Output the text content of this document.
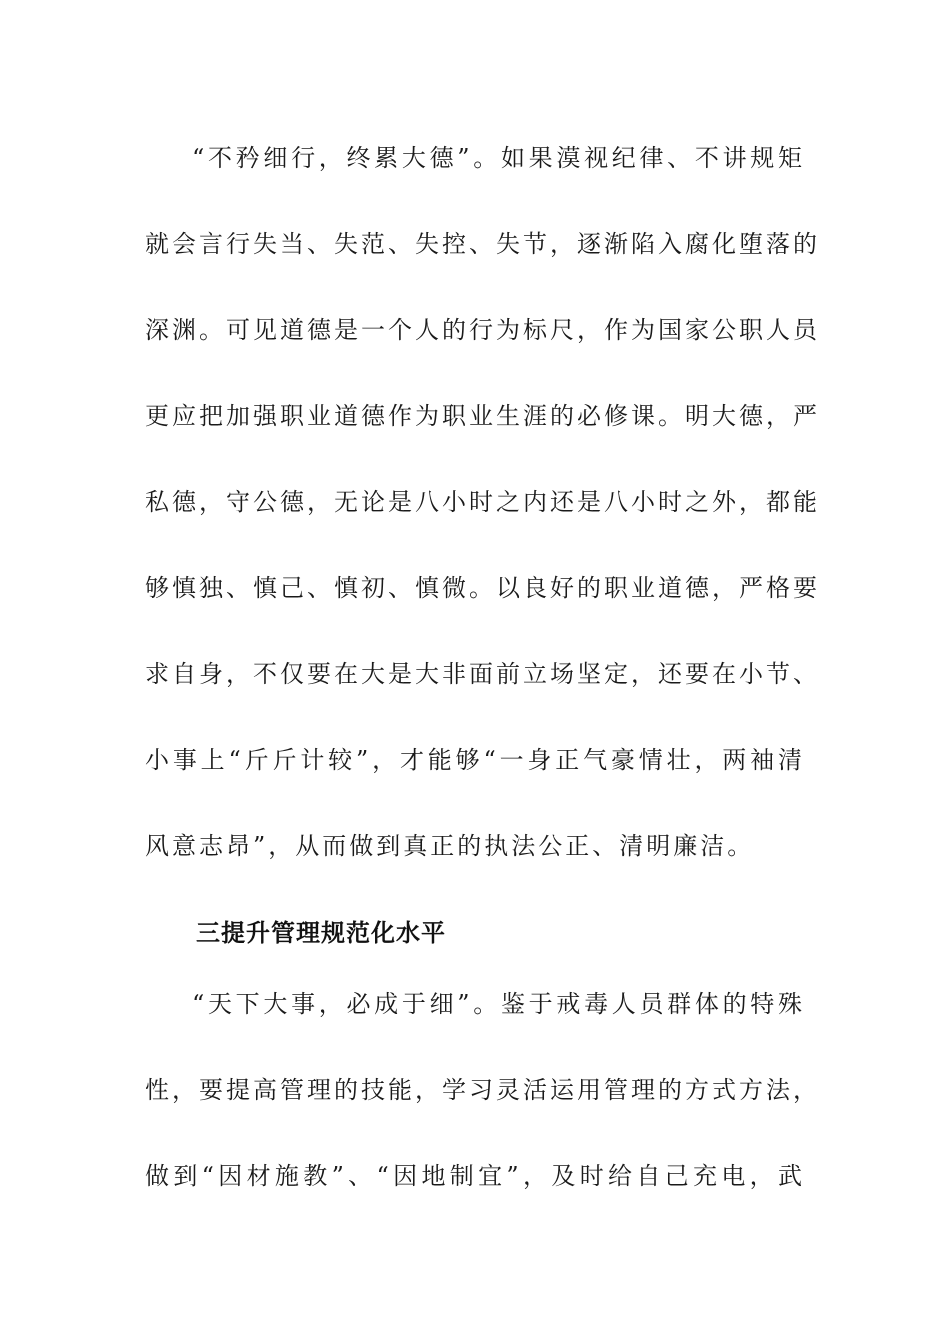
“不矜细行，终累大德”。如果漠视纪律、不讲规矩
就会言行失当、失范、失控、失节，逐渐陷入腐化堕落的
深渊。可见道德是一个人的行为标尺，作为国家公职人员
更应把加强职业道德作为职业生涯的必修课。明大德，严
私德，守公德，无论是八小时之内还是八小时之外，都能
够慎独、慎己、慎初、慎微。以良好的职业道德，严格要
求自身，不仅要在大是大非面前立场坚定，还要在小节、
小事上“斤斤计较”，才能够“一身正气豪情壮，两袖清
风意志昂”，从而做到真正的执法公正、清明廉洁。
三提升管理规范化水平
“天下大事，必成于细”。鉴于戒毒人员群体的特殊
性，要提高管理的技能，学习灵活运用管理的方式方法，
做到“因材施教”、“因地制宜”，及时给自己充电，武
